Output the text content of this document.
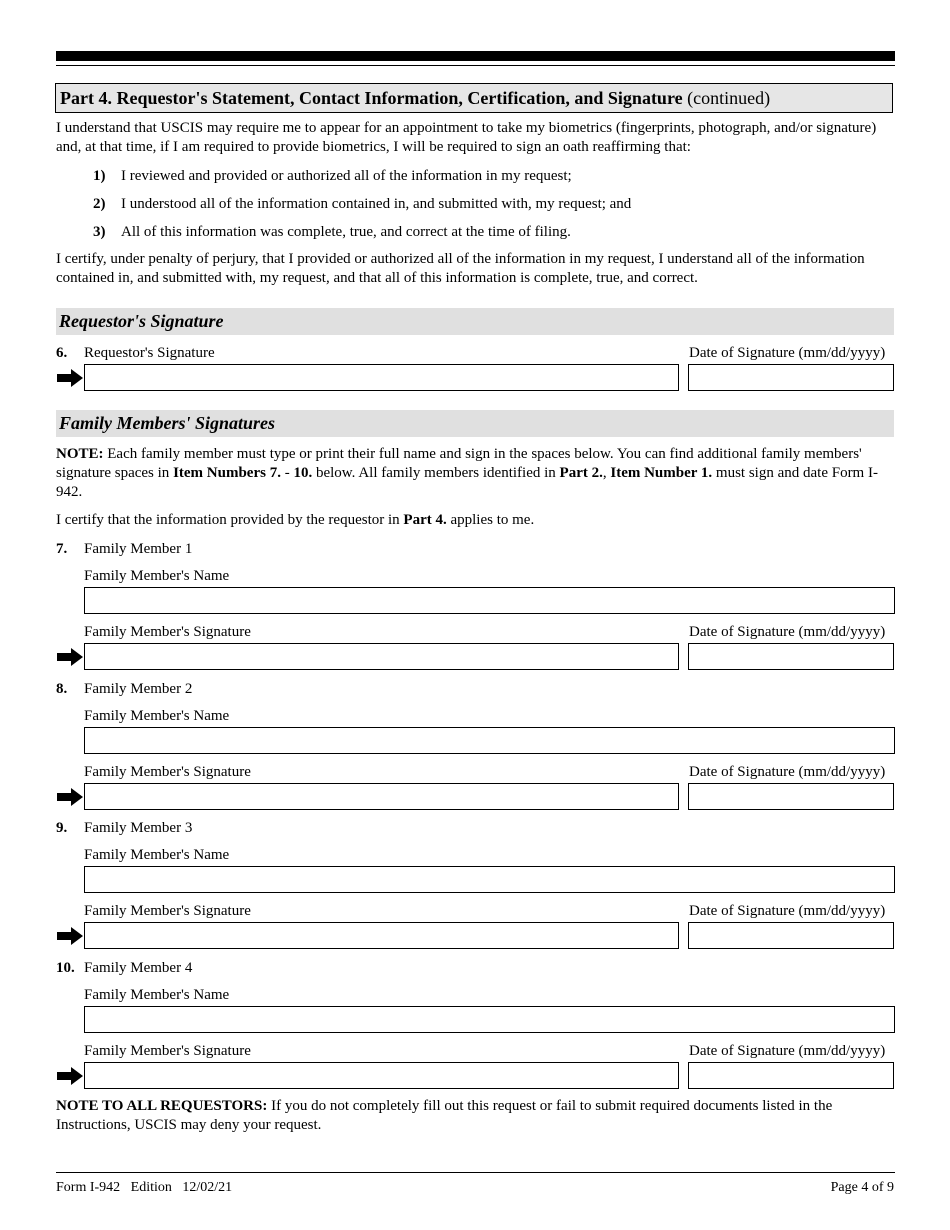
Part 4. Requestor's Statement, Contact Information, Certification, and Signature (continued)
I understand that USCIS may require me to appear for an appointment to take my biometrics (fingerprints, photograph, and/or signature) and, at that time, if I am required to provide biometrics, I will be required to sign an oath reaffirming that:
1) I reviewed and provided or authorized all of the information in my request;
2) I understood all of the information contained in, and submitted with, my request; and
3) All of this information was complete, true, and correct at the time of filing.
I certify, under penalty of perjury, that I provided or authorized all of the information in my request, I understand all of the information contained in, and submitted with, my request, and that all of this information is complete, true, and correct.
Requestor's Signature
6. Requestor's Signature	Date of Signature (mm/dd/yyyy)
Family Members' Signatures
NOTE: Each family member must type or print their full name and sign in the spaces below. You can find additional family members' signature spaces in Item Numbers 7. - 10. below. All family members identified in Part 2., Item Number 1. must sign and date Form I-942.
I certify that the information provided by the requestor in Part 4. applies to me.
7. Family Member 1
Family Member's Name
Family Member's Signature	Date of Signature (mm/dd/yyyy)
8. Family Member 2
Family Member's Name
Family Member's Signature	Date of Signature (mm/dd/yyyy)
9. Family Member 3
Family Member's Name
Family Member's Signature	Date of Signature (mm/dd/yyyy)
10. Family Member 4
Family Member's Name
Family Member's Signature	Date of Signature (mm/dd/yyyy)
NOTE TO ALL REQUESTORS: If you do not completely fill out this request or fail to submit required documents listed in the Instructions, USCIS may deny your request.
Form I-942   Edition   12/02/21	Page 4 of 9
